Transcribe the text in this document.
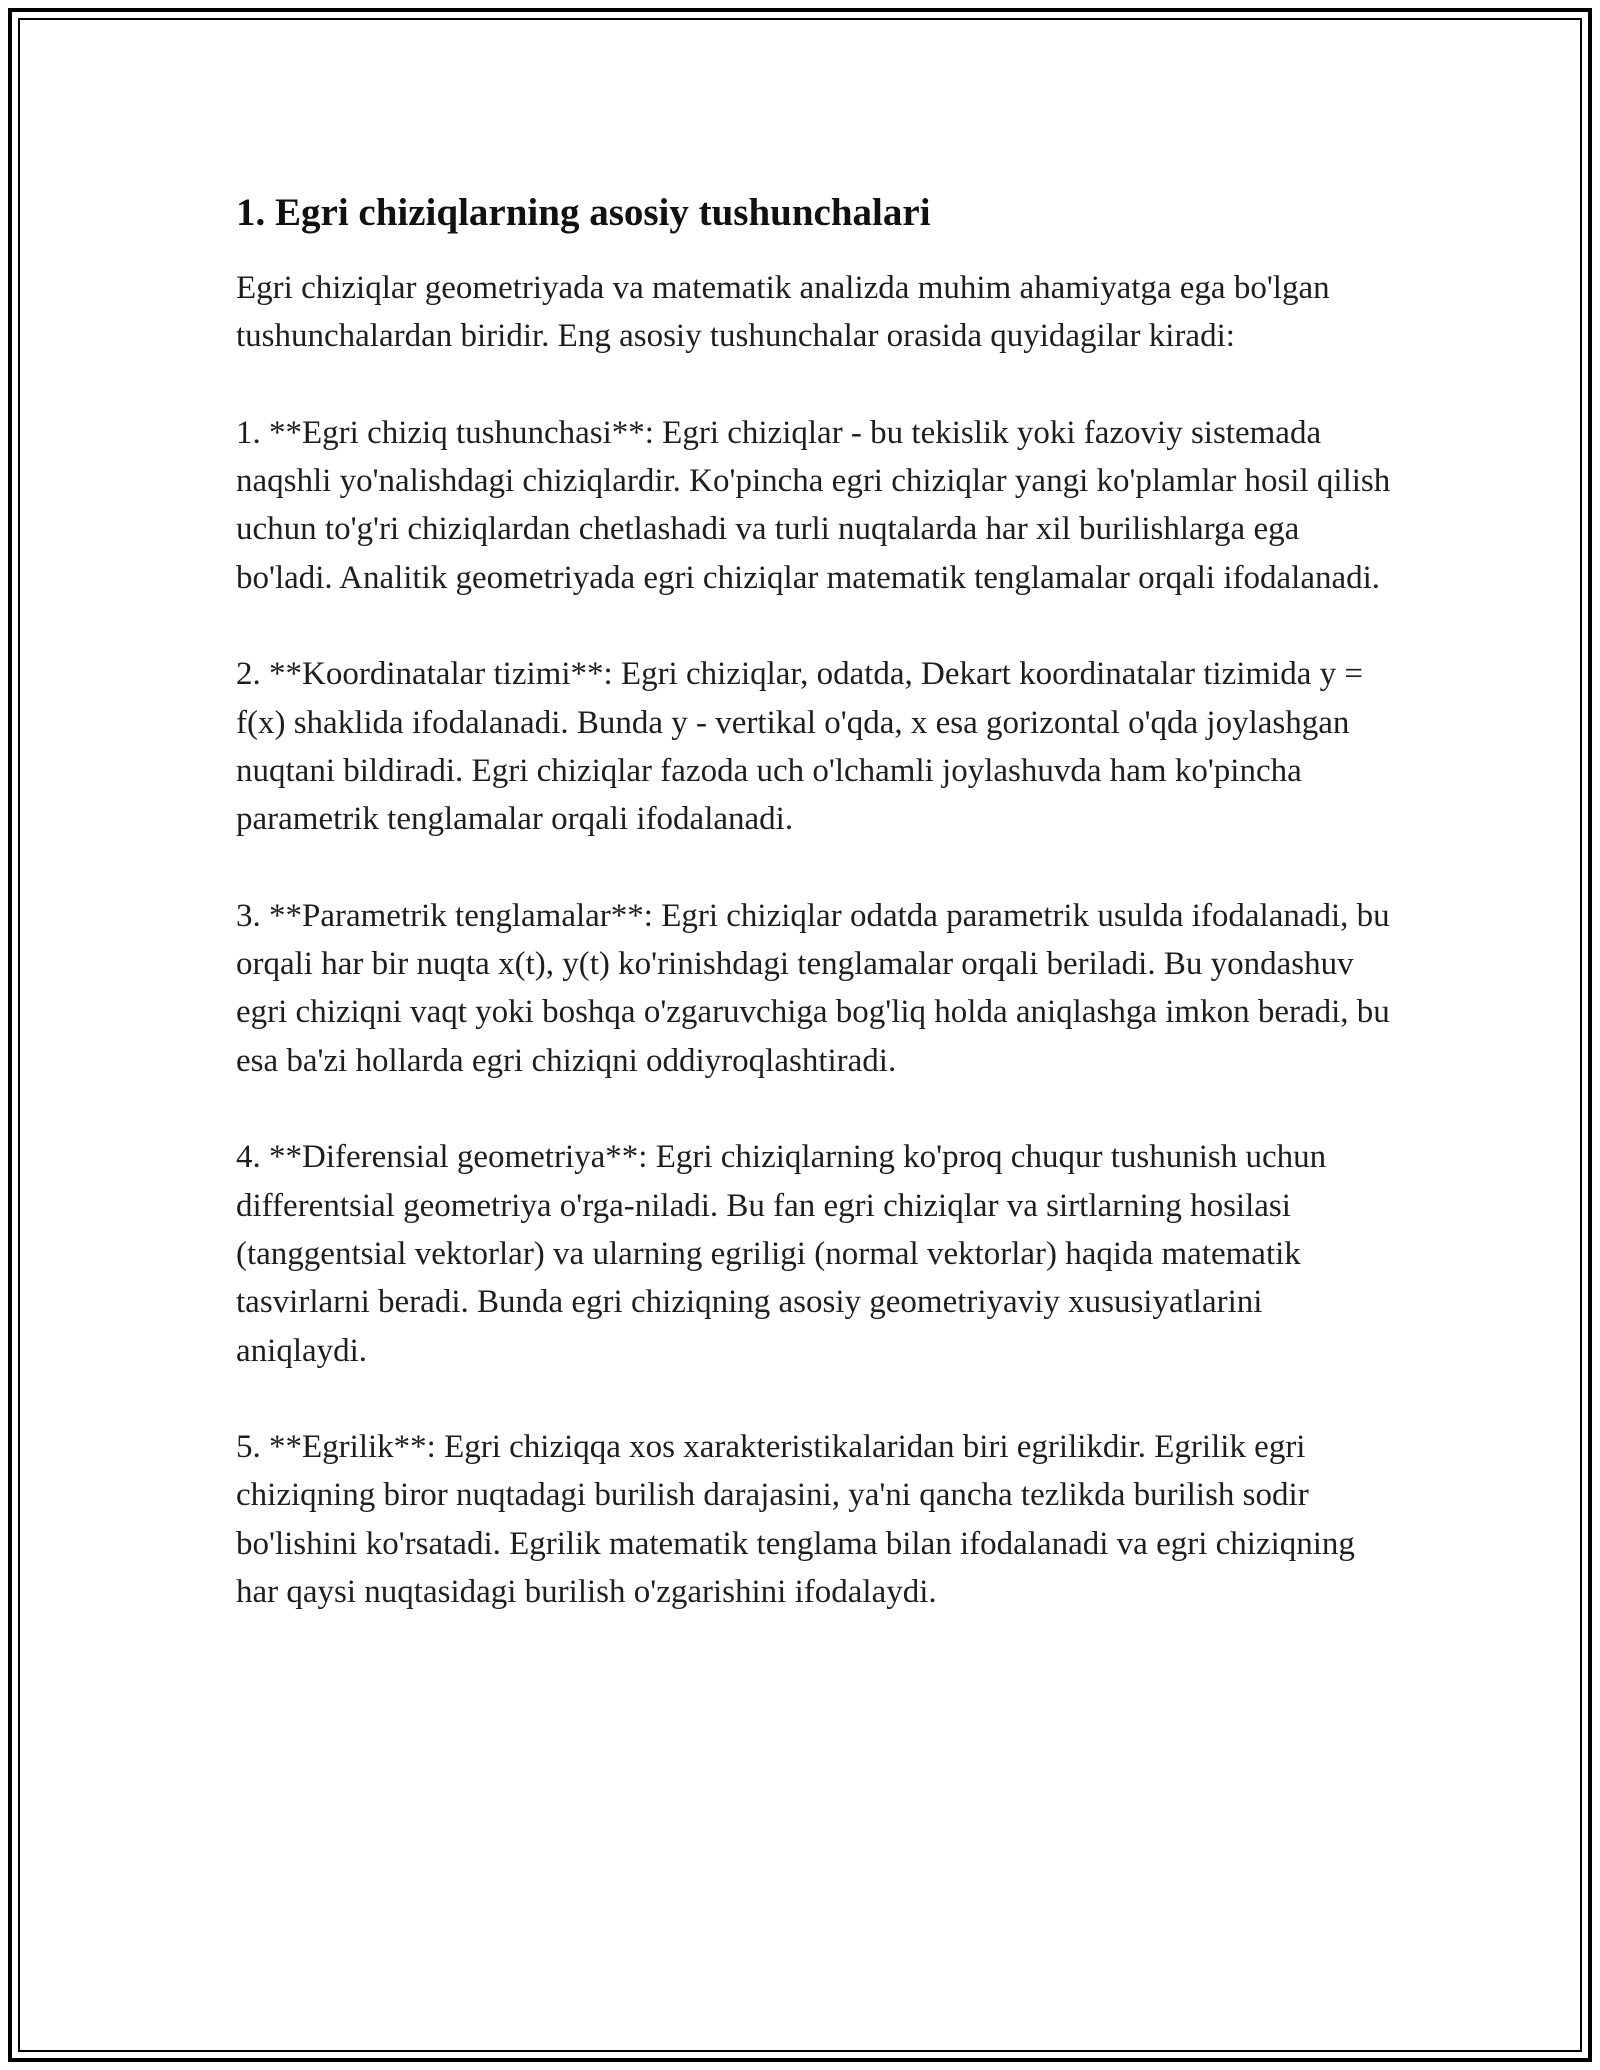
1. Egri chiziqlarning asosiy tushunchalari

Egri chiziqlar geometriyada va matematik analizda muhim ahamiyatga ega bo'lgan tushunchalardan biridir. Eng asosiy tushunchalar orasida quyidagilar kiradi:

1. **Egri chiziq tushunchasi**: Egri chiziqlar - bu tekislik yoki fazoviy sistemada naqshli yo'nalishdagi chiziqlardir. Ko'pincha egri chiziqlar yangi ko'plamlar hosil qilish uchun to'g'ri chiziqlardan chetlashadi va turli nuqtalarda har xil burilishlarga ega bo'ladi. Analitik geometriyada egri chiziqlar matematik tenglamalar orqali ifodalanadi.

2. **Koordinatalar tizimi**: Egri chiziqlar, odatda, Dekart koordinatalar tizimida y = f(x) shaklida ifodalanadi. Bunda y - vertikal o'qda, x esa gorizontal o'qda joylashgan nuqtani bildiradi. Egri chiziqlar fazoda uch o'lchamli joylashuvda ham ko'pincha parametrik tenglamalar orqali ifodalanadi.

3. **Parametrik tenglamalar**: Egri chiziqlar odatda parametrik usulda ifodalanadi, bu orqali har bir nuqta x(t), y(t) ko'rinishdagi tenglamalar orqali beriladi. Bu yondashuv egri chiziqni vaqt yoki boshqa o'zgaruvchiga bog'liq holda aniqlashga imkon beradi, bu esa ba'zi hollarda egri chiziqni oddiyroqlashtiradi.

4. **Diferensial geometriya**: Egri chiziqlarning ko'proq chuqur tushunish uchun differentsial geometriya o'rga-niladi. Bu fan egri chiziqlar va sirtlarning hosilasi (tanggentsial vektorlar) va ularning egriligi (normal vektorlar) haqida matematik tasvirlarni beradi. Bunda egri chiziqning asosiy geometriyaviy xususiyatlarini aniqlaydi.

5. **Egrilik**: Egri chiziqqa xos xarakteristikalaridan biri egrilikdir. Egrilik egri chiziqning biror nuqtadagi burilish darajasini, ya'ni qancha tezlikda burilish sodir bo'lishini ko'rsatadi. Egrilik matematik tenglama bilan ifodalanadi va egri chiziqning har qaysi nuqtasidagi burilish o'zgarishini ifodalaydi.
